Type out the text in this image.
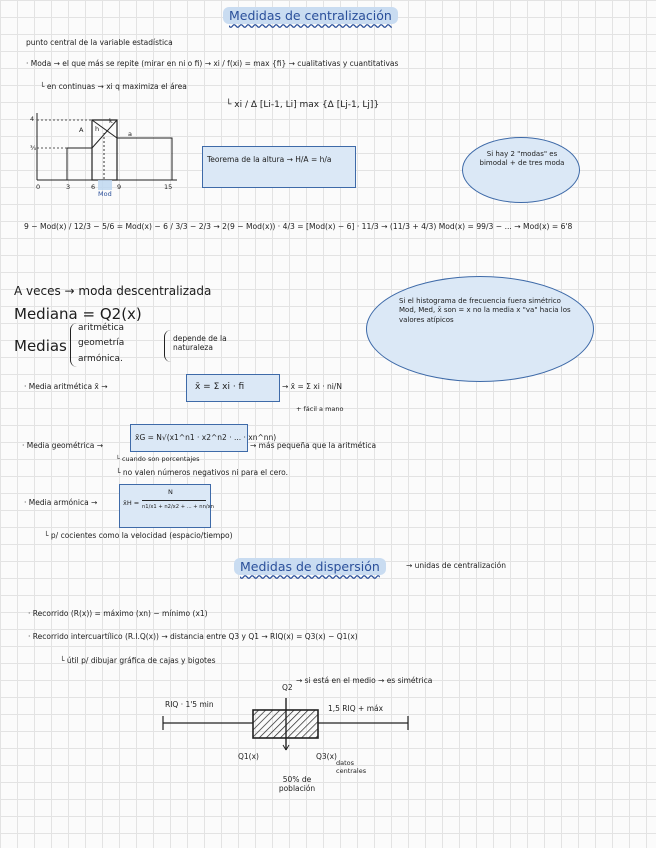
Medidas de centralización
punto central de la variable estadística
· Moda → el que más se repite (mirar en ni o fi) → xi / f(xi) = max {fi} → cualitativas y cuantitativas
└ en continuas → xi q maximiza el área
└ xi / Δ [Li-1, Li] max {Δ [Lj-1, Lj]}
4
⅗
0	3	6	9	15
A	a
h
k
Mod
Teorema de la altura → H/A = h/a
Si hay 2 "modas" es bimodal + de tres moda
9 − Mod(x) / 12/3 − 5/6 = Mod(x) − 6 / 3/3 − 2/3 → 2(9 − Mod(x)) · 4/3 = [Mod(x) − 6] · 11/3 → (11/3 + 4/3) Mod(x) = 99/3 − ... → Mod(x) = 6'8
A veces → moda descentralizada
Mediana = Q2(x)
Medias
aritmética
geometría
armónica.
depende de la naturaleza
Si el histograma de frecuencia fuera simétrico Mod, Med, x̄ son = x no la media x "va" hacia los valores atípicos
· Media aritmética x̄ →	x̄ = Σ xi · fi	→ x̄ = Σ xi · ni/N
+ fácil a mano
· Media geométrica →
x̄G = N√(x1^n1 · x2^n2 · ... · xn^nn)
→ más pequeña que la aritmética
└ cuando son porcentajes
└ no valen números negativos ni para el cero.
· Media armónica →	x̄H =
N
n1/x1 + n2/x2 + ... + nn/xn
└ p/ cocientes como la velocidad (espacio/tiempo)
Medidas de dispersión	→ unidas de centralización
· Recorrido (R(x)) = máximo (xn) − mínimo (x1)
· Recorrido intercuartílico (R.I.Q(x)) → distancia entre Q3 y Q1 → RIQ(x) = Q3(x) − Q1(x)
└ útil p/ dibujar gráfica de cajas y bigotes
Q2
→ si está en el medio → es simétrica
RIQ · 1'5 min	1,5 RIQ + máx
Q1(x)	Q3(x)
datos centrales
50% de población
